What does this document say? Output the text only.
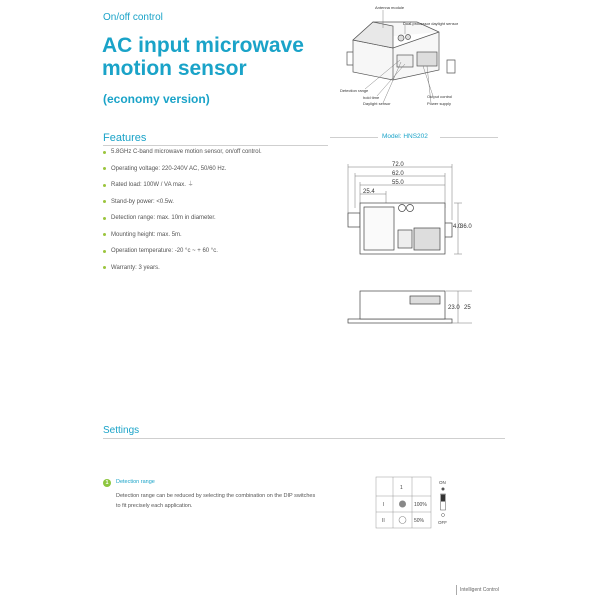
On/off control
AC input microwave
motion sensor
(economy version)
Antenna module
Dual-processor daylight sensor
Detection range
hold time
Daylight sensor
Output control
Power supply
Features
5.8GHz C-band microwave motion sensor, on/off control.
Operating voltage: 220-240V AC, 50/60 Hz.
Rated load: 100W / VA max. ⏚
Stand-by power: <0.5w.
Detection range: max. 10m in diameter.
Mounting height: max. 5m.
Operation temperature: -20 °c ~ + 60 °c.
Warranty: 3 years.
Model: HNS202
72.0
62.0
55.0
25.4
4.0
36.0
23.0 25
Settings
1	Detection range
Detection range can be reduced by selecting the combination on the DIP switches to fit precisely each application.
1
I	100%
II	50%
ON
OFF
Intelligent Control
